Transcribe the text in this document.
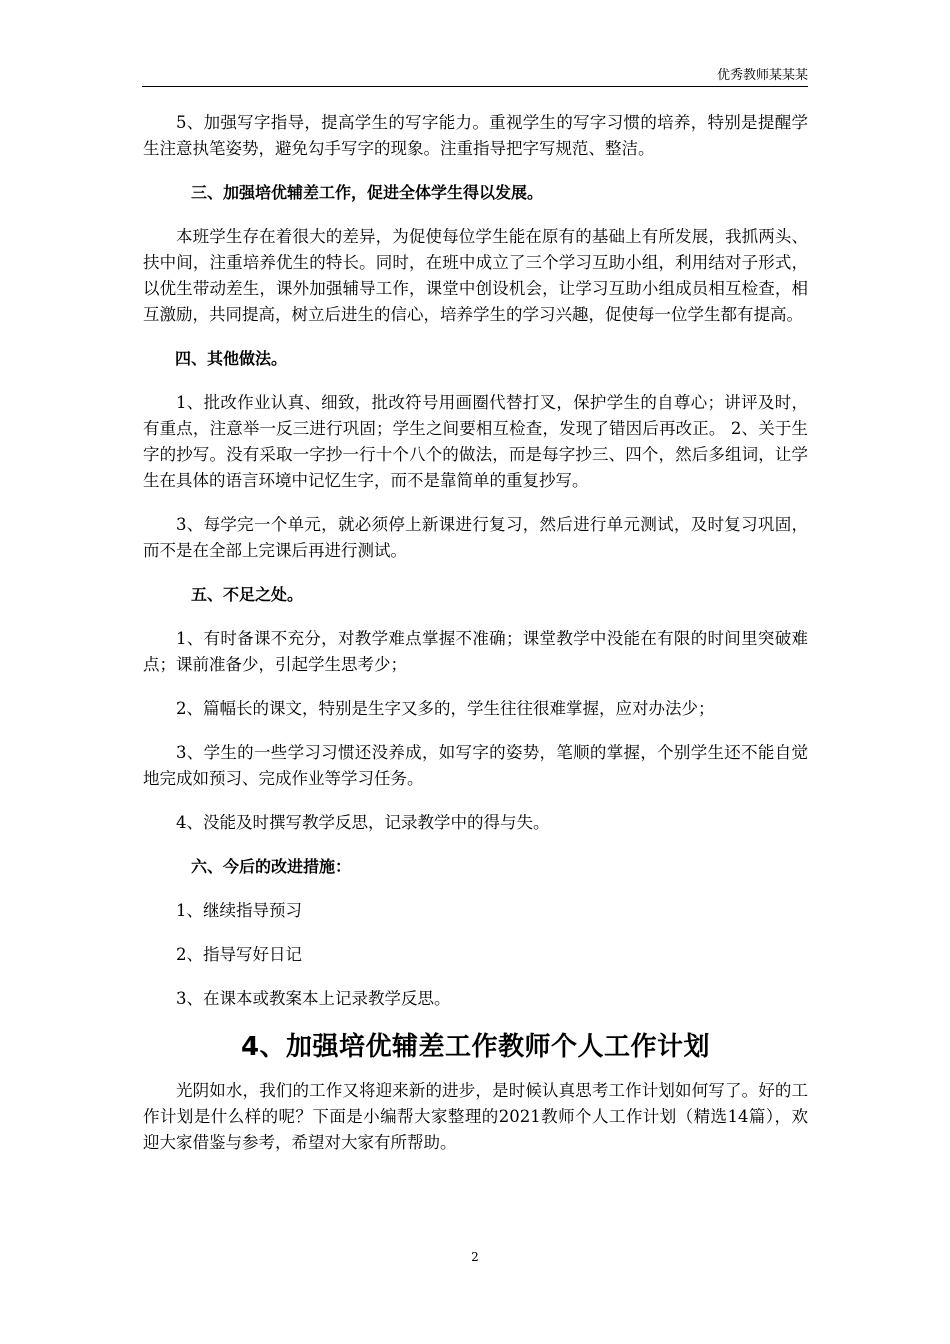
优秀教师某某某

5、加强写字指导，提高学生的写字能力。重视学生的写字习惯的培养，特别是提醒学生注意执笔姿势，避免勾手写字的现象。注重指导把字写规范、整洁。

三、加强培优辅差工作，促进全体学生得以发展。

本班学生存在着很大的差异，为促使每位学生能在原有的基础上有所发展，我抓两头、扶中间，注重培养优生的特长。同时，在班中成立了三个学习互助小组，利用结对子形式，以优生带动差生，课外加强辅导工作，课堂中创设机会，让学习互助小组成员相互检查，相互激励，共同提高，树立后进生的信心，培养学生的学习兴趣，促使每一位学生都有提高。

四、其他做法。

1、批改作业认真、细致，批改符号用画圈代替打叉，保护学生的自尊心；讲评及时，有重点，注意举一反三进行巩固；学生之间要相互检查，发现了错因后再改正。 2、关于生字的抄写。没有采取一字抄一行十个八个的做法，而是每字抄三、四个，然后多组词，让学生在具体的语言环境中记忆生字，而不是靠简单的重复抄写。

3、每学完一个单元，就必须停上新课进行复习，然后进行单元测试，及时复习巩固，而不是在全部上完课后再进行测试。

五、不足之处。

1、有时备课不充分，对教学难点掌握不准确；课堂教学中没能在有限的时间里突破难点；课前准备少，引起学生思考少；

2、篇幅长的课文，特别是生字又多的，学生往往很难掌握，应对办法少；

3、学生的一些学习习惯还没养成，如写字的姿势，笔顺的掌握，个别学生还不能自觉地完成如预习、完成作业等学习任务。

4、没能及时撰写教学反思，记录教学中的得与失。

六、今后的改进措施：

1、继续指导预习

2、指导写好日记

3、在课本或教案本上记录教学反思。

4、加强培优辅差工作教师个人工作计划

光阴如水，我们的工作又将迎来新的进步，是时候认真思考工作计划如何写了。好的工作计划是什么样的呢？下面是小编帮大家整理的2021教师个人工作计划（精选14篇），欢迎大家借鉴与参考，希望对大家有所帮助。

2
